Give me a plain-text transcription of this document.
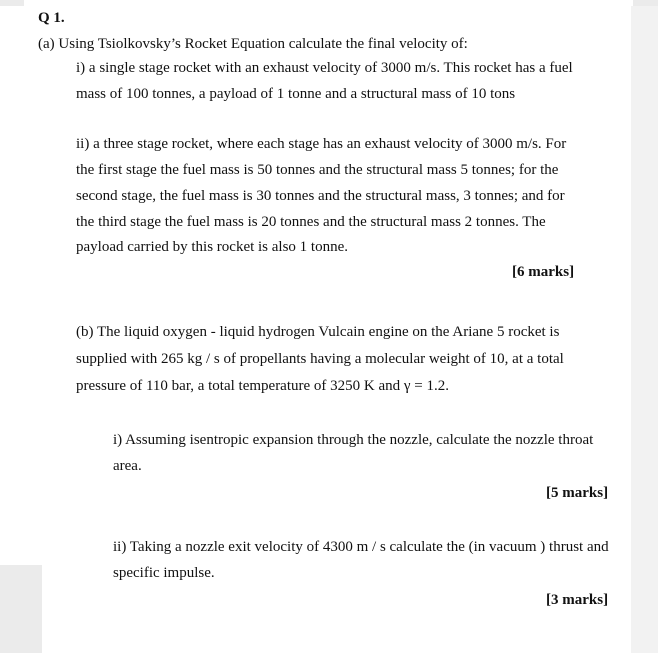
Q 1.
(a) Using Tsiolkovsky’s Rocket Equation calculate the final velocity of:
i) a single stage rocket with an exhaust velocity of 3000 m/s. This rocket has a fuel
mass of 100 tonnes, a payload of 1 tonne and a structural mass of 10 tons
ii) a three stage rocket, where each stage has an exhaust velocity of 3000 m/s. For
the first stage the fuel mass is 50 tonnes and the structural mass 5 tonnes; for the
second stage, the fuel mass is 30 tonnes and the structural mass, 3 tonnes; and for
the third stage the fuel mass is 20 tonnes and the structural mass 2 tonnes. The
payload carried by this rocket is also 1 tonne.
[6 marks]
(b) The liquid oxygen - liquid hydrogen Vulcain engine on the Ariane 5 rocket is
supplied with 265 kg / s of propellants having a molecular weight of 10, at a total
pressure of 110 bar, a total temperature of 3250 K and γ = 1.2.
i) Assuming isentropic expansion through the nozzle, calculate the nozzle throat
area.
[5 marks]
ii) Taking a nozzle exit velocity of 4300 m / s calculate the (in vacuum ) thrust and
specific impulse.
[3 marks]
